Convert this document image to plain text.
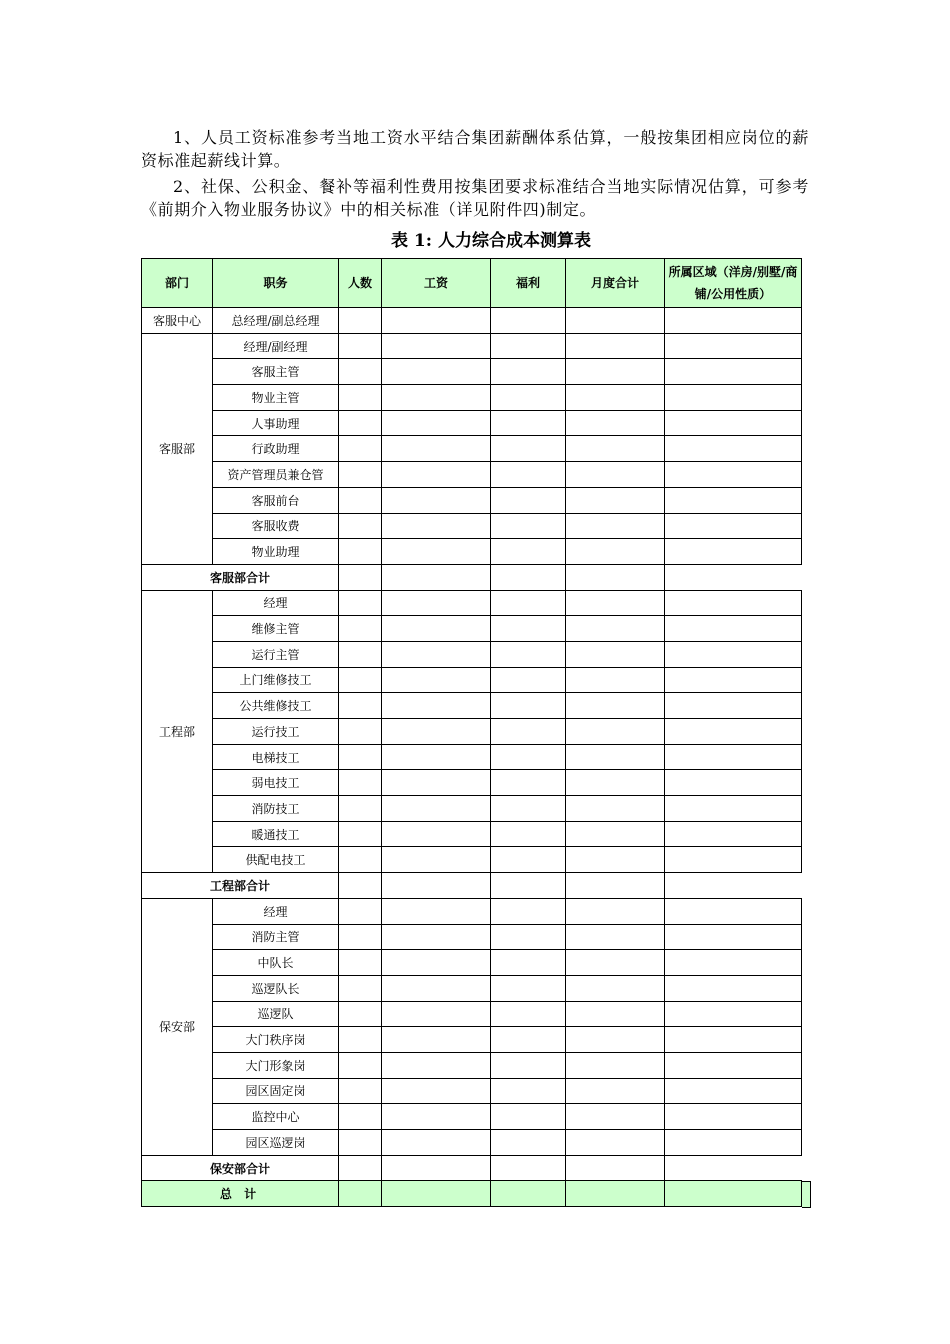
1、人员工资标准参考当地工资水平结合集团薪酬体系估算，一般按集团相应岗位的薪资标准起薪线计算。

2、社保、公积金、餐补等福利性费用按集团要求标准结合当地实际情况估算，可参考《前期介入物业服务协议》中的相关标准（详见附件四)制定。

表 1: 人力综合成本测算表

部门	职务	人数	工资	福利	月度合计	所属区域（洋房/别墅/商铺/公用性质）
客服中心	总经理/副总经理					
客服部	经理/副经理					
	客服主管					
	物业主管					
	人事助理					
	行政助理					
	资产管理员兼仓管					
	客服前台					
	客服收费					
	物业助理					
客服部合计						
工程部	经理					
	维修主管					
	运行主管					
	上门维修技工					
	公共维修技工					
	运行技工					
	电梯技工					
	弱电技工					
	消防技工					
	暖通技工					
	供配电技工					
工程部合计						
保安部	经理					
	消防主管					
	中队长					
	巡逻队长					
	巡逻队					
	大门秩序岗					
	大门形象岗					
	园区固定岗					
	监控中心					
	园区巡逻岗					
保安部合计						
总 计						
